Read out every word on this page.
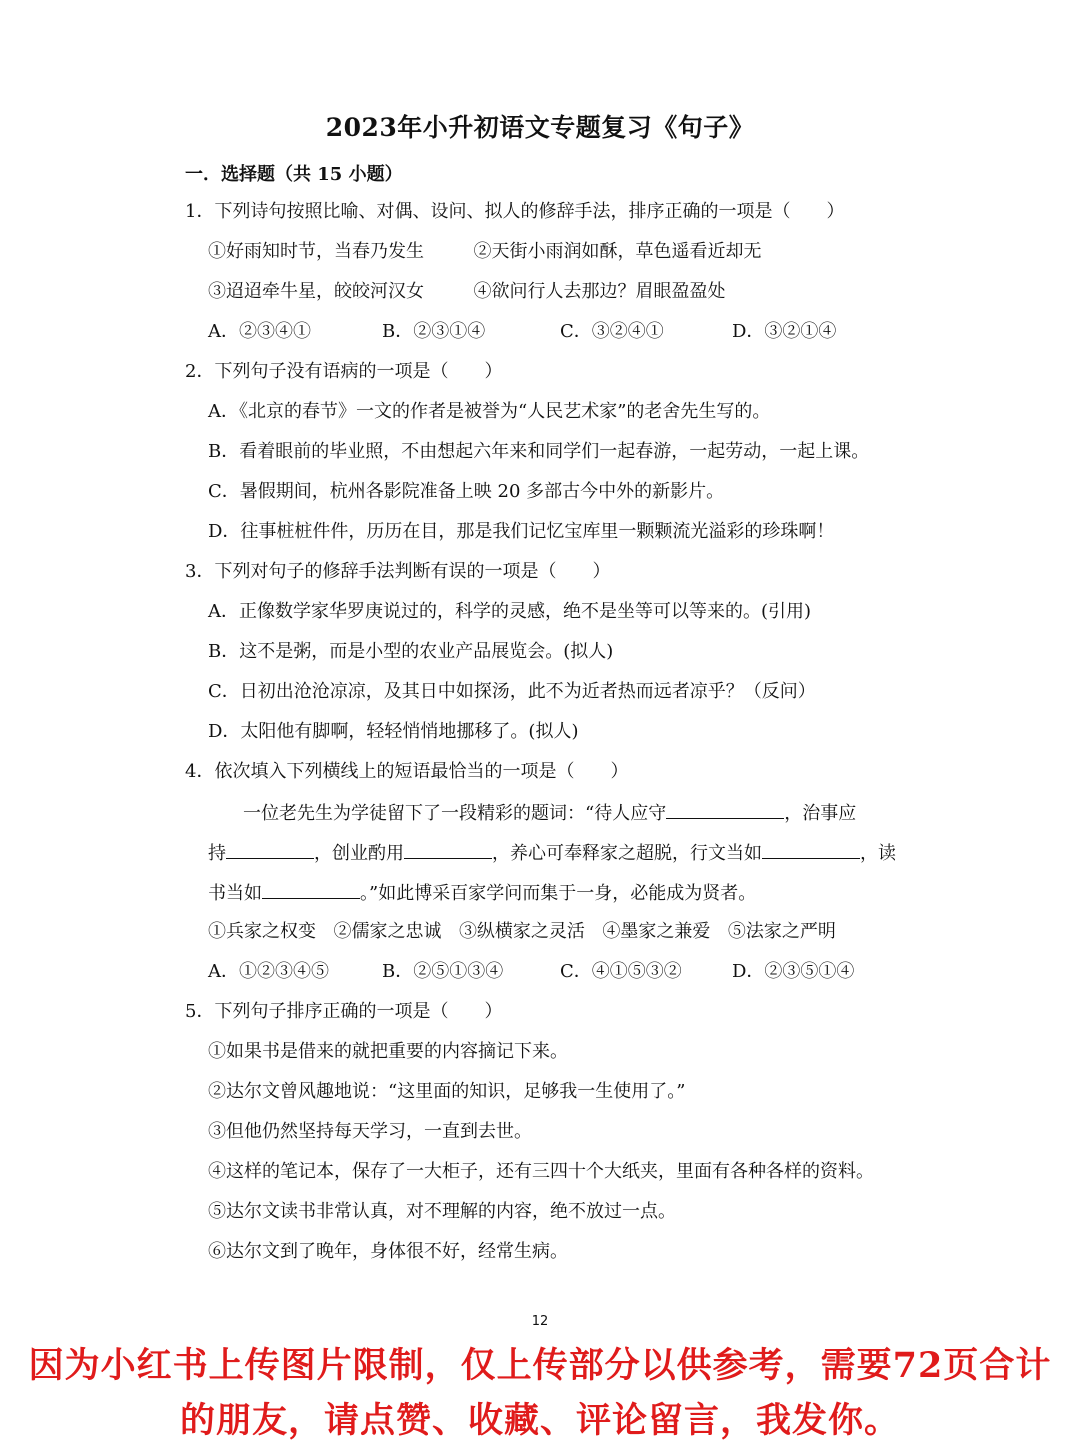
2023年小升初语文专题复习《句子》
一．选择题（共 15 小题）
1．下列诗句按照比喻、对偶、设问、拟人的修辞手法，排序正确的一项是（　　）
①好雨知时节，当春乃发生	②天街小雨润如酥，草色遥看近却无
③迢迢牵牛星，皎皎河汉女	④欲问行人去那边？眉眼盈盈处
A．②③④①	B．②③①④	C．③②④①	D．③②①④
2．下列句子没有语病的一项是（　　）
A．《北京的春节》一文的作者是被誉为“人民艺术家”的老舍先生写的。
B．看着眼前的毕业照，不由想起六年来和同学们一起春游，一起劳动，一起上课。
C．暑假期间，杭州各影院准备上映 20 多部古今中外的新影片。
D．往事桩桩件件，历历在目，那是我们记忆宝库里一颗颗流光溢彩的珍珠啊！
3．下列对句子的修辞手法判断有误的一项是（　　）
A．正像数学家华罗庚说过的，科学的灵感，绝不是坐等可以等来的。(引用)
B．这不是粥，而是小型的农业产品展览会。(拟人)
C．日初出沧沧凉凉，及其日中如探汤，此不为近者热而远者凉乎？（反问）
D．太阳他有脚啊，轻轻悄悄地挪移了。(拟人)
4．依次填入下列横线上的短语最恰当的一项是（　　）
一位老先生为学徒留下了一段精彩的题词：“待人应守	，治事应
持	，创业酌用	，养心可奉释家之超脱，行文当如	，读
书当如	。”如此博采百家学问而集于一身，必能成为贤者。
①兵家之权变 ②儒家之忠诚 ③纵横家之灵活 ④墨家之兼爱 ⑤法家之严明
A．①②③④⑤	B．②⑤①③④	C．④①⑤③②	D．②③⑤①④
5．下列句子排序正确的一项是（　　）
①如果书是借来的就把重要的内容摘记下来。
②达尔文曾风趣地说：“这里面的知识，足够我一生使用了。”
③但他仍然坚持每天学习，一直到去世。
④这样的笔记本，保存了一大柜子，还有三四十个大纸夹，里面有各种各样的资料。
⑤达尔文读书非常认真，对不理解的内容，绝不放过一点。
⑥达尔文到了晚年，身体很不好，经常生病。
12
因为小红书上传图片限制，仅上传部分以供参考，需要72页合计
的朋友，请点赞、收藏、评论留言，我发你。
